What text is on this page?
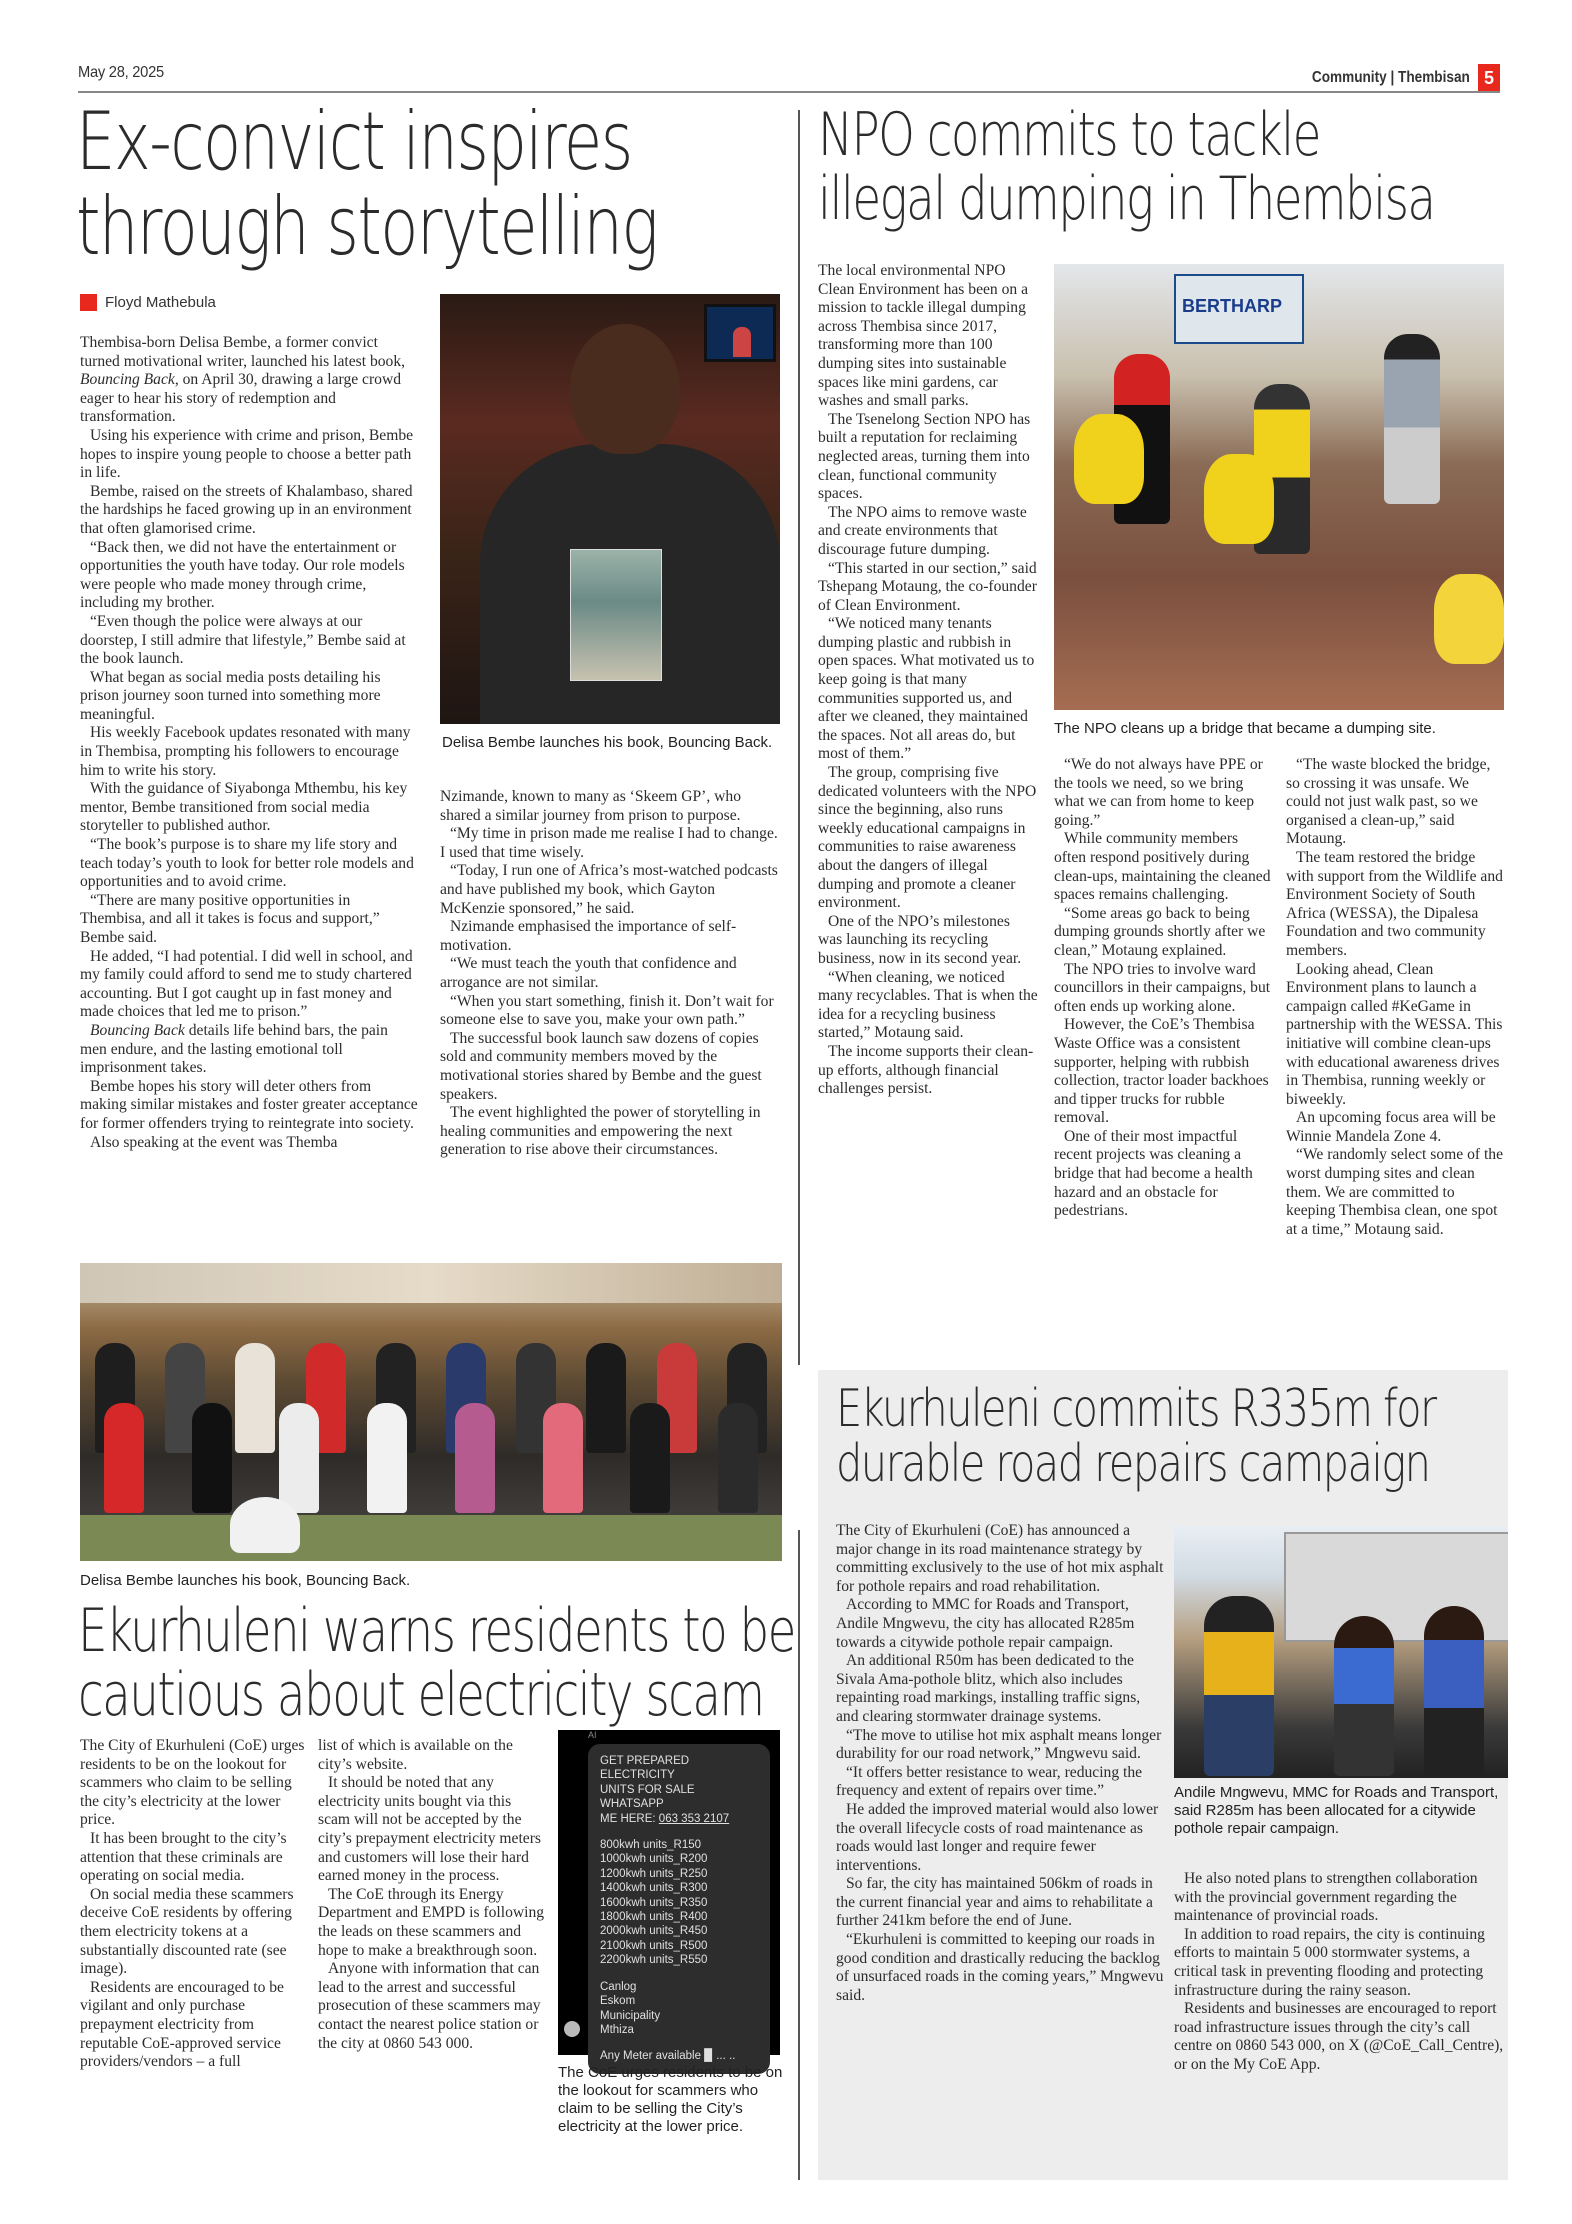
May 28, 2025	Community | Thembisan 5
Ex-convict inspires
through storytelling
Floyd Mathebula

Thembisa-born Delisa Bembe, a former convict turned motivational writer, launched his latest book, Bouncing Back, on April 30, drawing a large crowd eager to hear his story of redemption and transformation.

Using his experience with crime and prison, Bembe hopes to inspire young people to choose a better path in life.

Bembe, raised on the streets of Khalambaso, shared the hardships he faced growing up in an environment that often glamorised crime.

“Back then, we did not have the entertainment or opportunities the youth have today. Our role models were people who made money through crime, including my brother.

“Even though the police were always at our doorstep, I still admire that lifestyle,” Bembe said at the book launch.

What began as social media posts detailing his prison journey soon turned into something more meaningful.

His weekly Facebook updates resonated with many in Thembisa, prompting his followers to encourage him to write his story.

With the guidance of Siyabonga Mthembu, his key mentor, Bembe transitioned from social media storyteller to published author.

“The book’s purpose is to share my life story and teach today’s youth to look for better role models and opportunities and to avoid crime.

“There are many positive opportunities in Thembisa, and all it takes is focus and support,” Bembe said.

He added, “I had potential. I did well in school, and my family could afford to send me to study chartered accounting. But I got caught up in fast money and made choices that led me to prison.”

Bouncing Back details life behind bars, the pain men endure, and the lasting emotional toll imprisonment takes.

Bembe hopes his story will deter others from making similar mistakes and foster greater acceptance for former offenders trying to reintegrate into society.

Also speaking at the event was Themba

Delisa Bembe launches his book, Bouncing Back.

Nzimande, known to many as ‘Skeem GP’, who shared a similar journey from prison to purpose.

“My time in prison made me realise I had to change. I used that time wisely.

“Today, I run one of Africa’s most-watched podcasts and have published my book, which Gayton McKenzie sponsored,” he said.

Nzimande emphasised the importance of self-motivation.

“We must teach the youth that confidence and arrogance are not similar.

“When you start something, finish it. Don’t wait for someone else to save you, make your own path.”

The successful book launch saw dozens of copies sold and community members moved by the motivational stories shared by Bembe and the guest speakers.

The event highlighted the power of storytelling in healing communities and empowering the next generation to rise above their circumstances.

Delisa Bembe launches his book, Bouncing Back.
NPO commits to tackle
illegal dumping in Thembisa

The local environmental NPO Clean Environment has been on a mission to tackle illegal dumping across Thembisa since 2017, transforming more than 100 dumping sites into sustainable spaces like mini gardens, car washes and small parks.

The Tsenelong Section NPO has built a reputation for reclaiming neglected areas, turning them into clean, functional community spaces.

The NPO aims to remove waste and create environments that discourage future dumping.

“This started in our section,” said Tshepang Motaung, the co-founder of Clean Environment.

“We noticed many tenants dumping plastic and rubbish in open spaces. What motivated us to keep going is that many communities supported us, and after we cleaned, they maintained the spaces. Not all areas do, but most of them.”

The group, comprising five dedicated volunteers with the NPO since the beginning, also runs weekly educational campaigns in communities to raise awareness about the dangers of illegal dumping and promote a cleaner environment.

One of the NPO’s milestones was launching its recycling business, now in its second year.

“When cleaning, we noticed many recyclables. That is when the idea for a recycling business started,” Motaung said.

The income supports their clean-up efforts, although financial challenges persist.

BERTHARP
The NPO cleans up a bridge that became a dumping site.

“We do not always have PPE or the tools we need, so we bring what we can from home to keep going.”

While community members often respond positively during clean-ups, maintaining the cleaned spaces remains challenging.

“Some areas go back to being dumping grounds shortly after we clean,” Motaung explained.

The NPO tries to involve ward councillors in their campaigns, but often ends up working alone.

However, the CoE’s Thembisa Waste Office was a consistent supporter, helping with rubbish collection, tractor loader backhoes and tipper trucks for rubble removal.

One of their most impactful recent projects was cleaning a bridge that had become a health hazard and an obstacle for pedestrians.

“The waste blocked the bridge, so crossing it was unsafe. We could not just walk past, so we organised a clean-up,” said Motaung.

The team restored the bridge with support from the Wildlife and Environment Society of South Africa (WESSA), the Dipalesa Foundation and two community members.

Looking ahead, Clean Environment plans to launch a campaign called #KeGame in partnership with the WESSA. This initiative will combine clean-ups with educational awareness drives in Thembisa, running weekly or biweekly.

An upcoming focus area will be Winnie Mandela Zone 4.

“We randomly select some of the worst dumping sites and clean them. We are committed to keeping Thembisa clean, one spot at a time,” Motaung said.

Ekurhuleni warns residents to be
cautious about electricity scam

The City of Ekurhuleni (CoE) urges residents to be on the lookout for scammers who claim to be selling the city’s electricity at the lower price.

It has been brought to the city’s attention that these criminals are operating on social media.

On social media these scammers deceive CoE residents by offering them electricity tokens at a substantially discounted rate (see image).

Residents are encouraged to be vigilant and only purchase prepayment electricity from reputable CoE-approved service providers/vendors – a full

list of which is available on the city’s website.

It should be noted that any electricity units bought via this scam will not be accepted by the city’s prepayment electricity meters and customers will lose their hard earned money in the process.

The CoE through its Energy Department and EMPD is following the leads on these scammers and hope to make a breakthrough soon.

Anyone with information that can lead to the arrest and successful prosecution of these scammers may contact the nearest police station or the city at 0860 543 000.

AI
GET PREPARED ELECTRICITY
UNITS FOR SALE WHATSAPP
ME HERE: 063 353 2107
800kwh units_R150
1000kwh units_R200
1200kwh units_R250
1400kwh units_R300
1600kwh units_R350
1800kwh units_R400
2000kwh units_R450
2100kwh units_R500
2200kwh units_R550
Canlog
Eskom
Municipality
Mthiza
Any Meter available ▉ ... ..
The CoE urges residents to be on the lookout for scammers who claim to be selling the City’s electricity at the lower price.
Ekurhuleni commits R335m for
durable road repairs campaign

The City of Ekurhuleni (CoE) has announced a major change in its road maintenance strategy by committing exclusively to the use of hot mix asphalt for pothole repairs and road rehabilitation.

According to MMC for Roads and Transport, Andile Mngwevu, the city has allocated R285m towards a citywide pothole repair campaign.

An additional R50m has been dedicated to the Sivala Ama-pothole blitz, which also includes repainting road markings, installing traffic signs, and clearing stormwater drainage systems.

“The move to utilise hot mix asphalt means longer durability for our road network,” Mngwevu said.

“It offers better resistance to wear, reducing the frequency and extent of repairs over time.”

He added the improved material would also lower the overall lifecycle costs of road maintenance as roads would last longer and require fewer interventions.

So far, the city has maintained 506km of roads in the current financial year and aims to rehabilitate a further 241km before the end of June.

“Ekurhuleni is committed to keeping our roads in good condition and drastically reducing the backlog of unsurfaced roads in the coming years,” Mngwevu said.

Andile Mngwevu, MMC for Roads and Transport, said R285m has been allocated for a citywide pothole repair campaign.

He also noted plans to strengthen collaboration with the provincial government regarding the maintenance of provincial roads.

In addition to road repairs, the city is continuing efforts to maintain 5 000 stormwater systems, a critical task in preventing flooding and protecting infrastructure during the rainy season.

Residents and businesses are encouraged to report road infrastructure issues through the city’s call centre on 0860 543 000, on X (@CoE_Call_Centre), or on the My CoE App.
